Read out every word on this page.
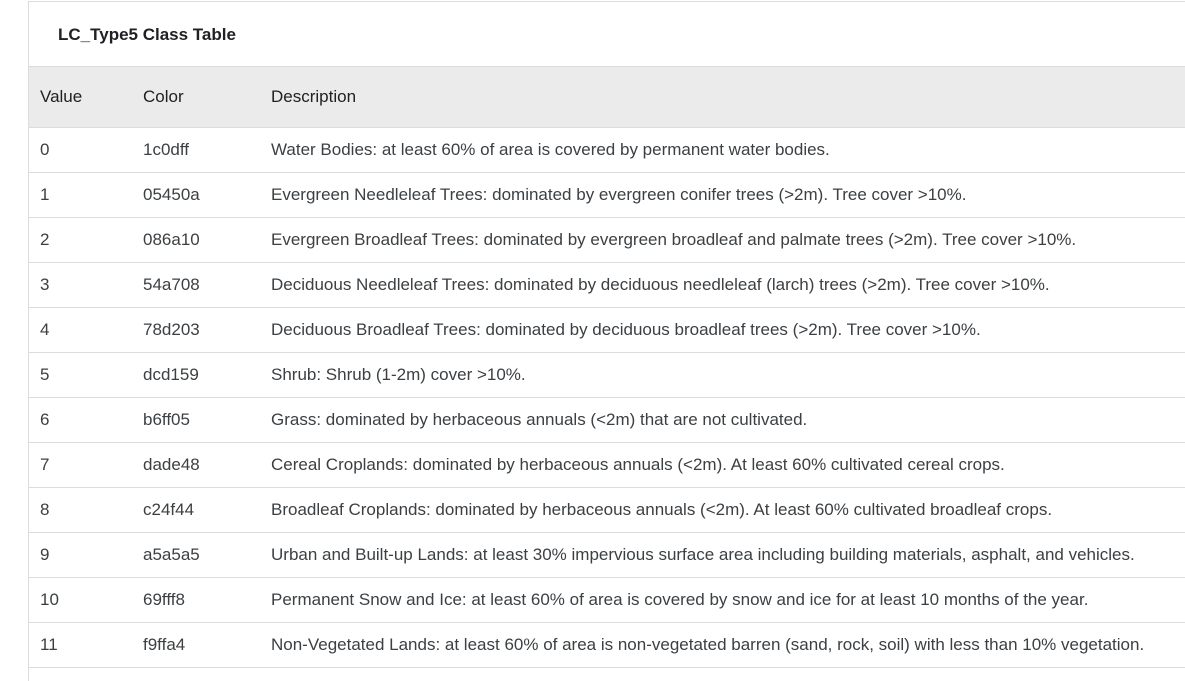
LC_Type5 Class Table
Value	Color	Description
0	1c0dff	Water Bodies: at least 60% of area is covered by permanent water bodies.
1	05450a	Evergreen Needleleaf Trees: dominated by evergreen conifer trees (>2m). Tree cover >10%.
2	086a10	Evergreen Broadleaf Trees: dominated by evergreen broadleaf and palmate trees (>2m). Tree cover >10%.
3	54a708	Deciduous Needleleaf Trees: dominated by deciduous needleleaf (larch) trees (>2m). Tree cover >10%.
4	78d203	Deciduous Broadleaf Trees: dominated by deciduous broadleaf trees (>2m). Tree cover >10%.
5	dcd159	Shrub: Shrub (1-2m) cover >10%.
6	b6ff05	Grass: dominated by herbaceous annuals (<2m) that are not cultivated.
7	dade48	Cereal Croplands: dominated by herbaceous annuals (<2m). At least 60% cultivated cereal crops.
8	c24f44	Broadleaf Croplands: dominated by herbaceous annuals (<2m). At least 60% cultivated broadleaf crops.
9	a5a5a5	Urban and Built-up Lands: at least 30% impervious surface area including building materials, asphalt, and vehicles.
10	69fff8	Permanent Snow and Ice: at least 60% of area is covered by snow and ice for at least 10 months of the year.
11	f9ffa4	Non-Vegetated Lands: at least 60% of area is non-vegetated barren (sand, rock, soil) with less than 10% vegetation.
